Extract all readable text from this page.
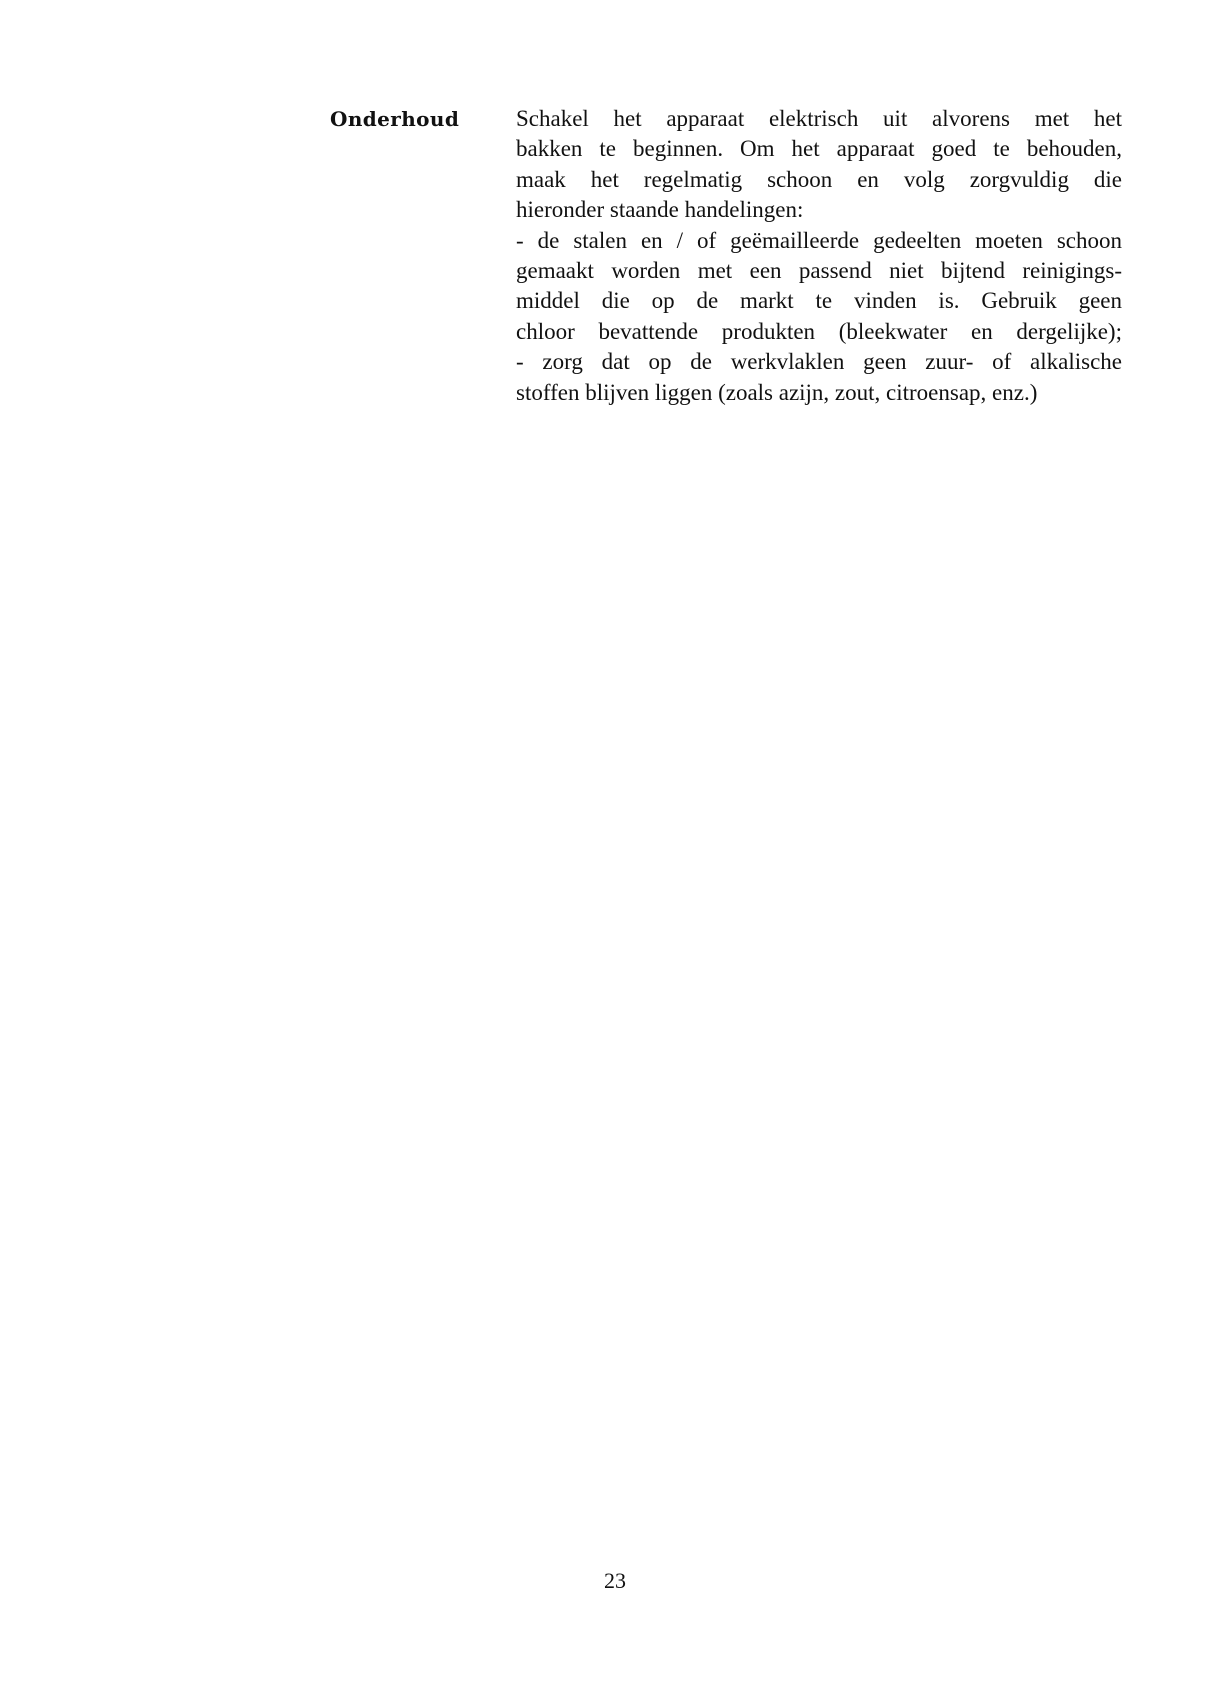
Onderhoud Schakel het apparaat elektrisch uit alvorens met het
bakken te beginnen. Om het apparaat goed te behouden,
maak het regelmatig schoon en volg zorgvuldig die
hieronder staande handelingen:
- de stalen en / of geëmailleerde gedeelten moeten schoon
gemaakt worden met een passend niet bijtend reinigings-
middel die op de markt te vinden is. Gebruik geen
chloor bevattende produkten (bleekwater en dergelijke);
- zorg dat op de werkvlaklen geen zuur- of alkalische
stoffen blijven liggen (zoals azijn, zout, citroensap, enz.)
23
